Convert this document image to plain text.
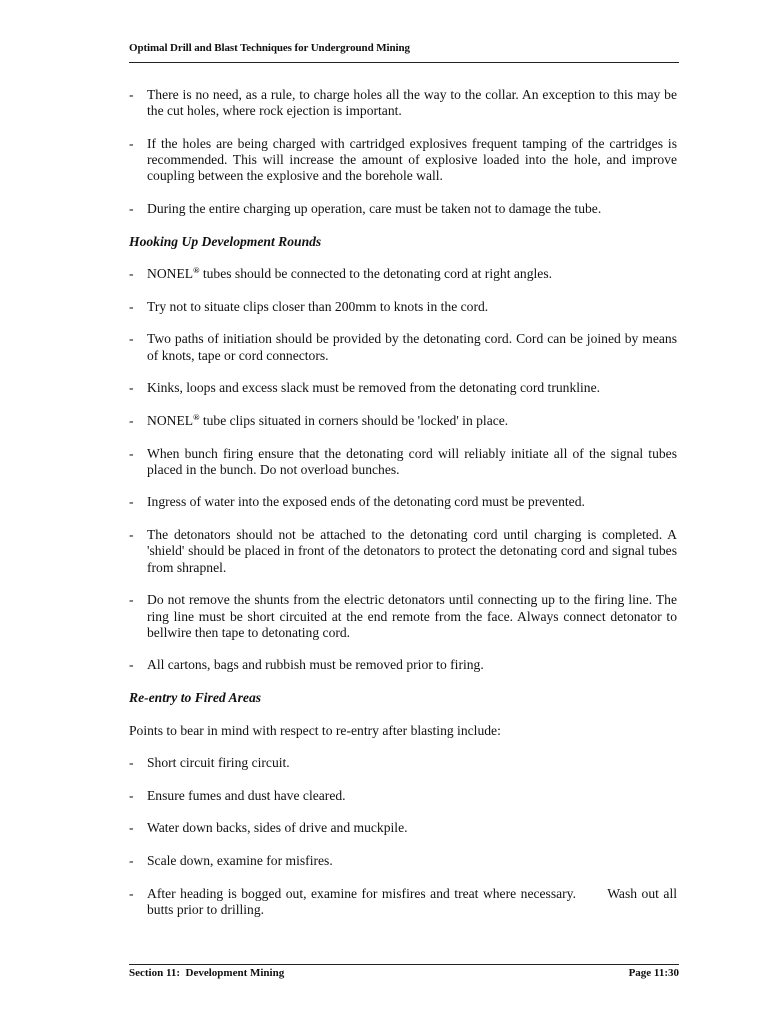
Optimal Drill and Blast Techniques for Underground Mining
- There is no need, as a rule, to charge holes all the way to the collar. An exception to this may be the cut holes, where rock ejection is important.
- If the holes are being charged with cartridged explosives frequent tamping of the cartridges is recommended. This will increase the amount of explosive loaded into the hole, and improve coupling between the explosive and the borehole wall.
- During the entire charging up operation, care must be taken not to damage the tube.
Hooking Up Development Rounds
- NONEL® tubes should be connected to the detonating cord at right angles.
- Try not to situate clips closer than 200mm to knots in the cord.
- Two paths of initiation should be provided by the detonating cord. Cord can be joined by means of knots, tape or cord connectors.
- Kinks, loops and excess slack must be removed from the detonating cord trunkline.
- NONEL® tube clips situated in corners should be 'locked' in place.
- When bunch firing ensure that the detonating cord will reliably initiate all of the signal tubes placed in the bunch. Do not overload bunches.
- Ingress of water into the exposed ends of the detonating cord must be prevented.
- The detonators should not be attached to the detonating cord until charging is completed. A 'shield' should be placed in front of the detonators to protect the detonating cord and signal tubes from shrapnel.
- Do not remove the shunts from the electric detonators until connecting up to the firing line. The ring line must be short circuited at the end remote from the face. Always connect detonator to bellwire then tape to detonating cord.
- All cartons, bags and rubbish must be removed prior to firing.
Re-entry to Fired Areas
Points to bear in mind with respect to re-entry after blasting include:
- Short circuit firing circuit.
- Ensure fumes and dust have cleared.
- Water down backs, sides of drive and muckpile.
- Scale down, examine for misfires.
- After heading is bogged out, examine for misfires and treat where necessary.       Wash out all butts prior to drilling.
Section 11:  Development Mining	Page 11:30
